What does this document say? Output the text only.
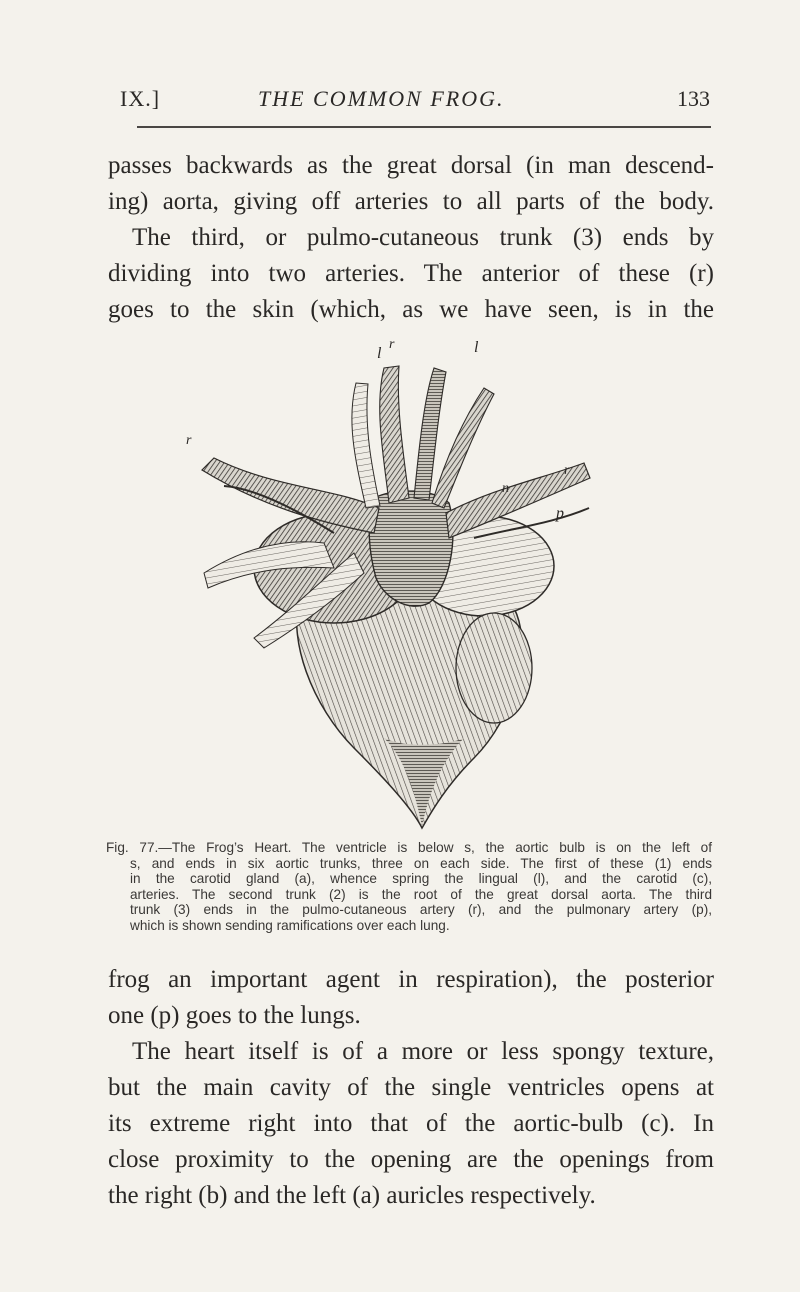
IX.]	THE COMMON FROG.	133

passes backwards as the great dorsal (in man descend-
ing) aorta, giving off arteries to all parts of the body.
The third, or pulmo-cutaneous trunk (3) ends by
dividing into two arteries. The anterior of these (r)
goes to the skin (which, as we have seen, is in the

l
r	l
r
r
n
p

Fig. 77.—The Frog’s Heart. The ventricle is below s, the aortic bulb is on the left of
s, and ends in six aortic trunks, three on each side. The first of these (1) ends
in the carotid gland (a), whence spring the lingual (l), and the carotid (c),
arteries. The second trunk (2) is the root of the great dorsal aorta. The third
trunk (3) ends in the pulmo-cutaneous artery (r), and the pulmonary artery (p),
which is shown sending ramifications over each lung.

frog an important agent in respiration), the posterior
one (p) goes to the lungs.
The heart itself is of a more or less spongy texture,
but the main cavity of the single ventricles opens at
its extreme right into that of the aortic-bulb (c). In
close proximity to the opening are the openings from
the right (b) and the left (a) auricles respectively.
